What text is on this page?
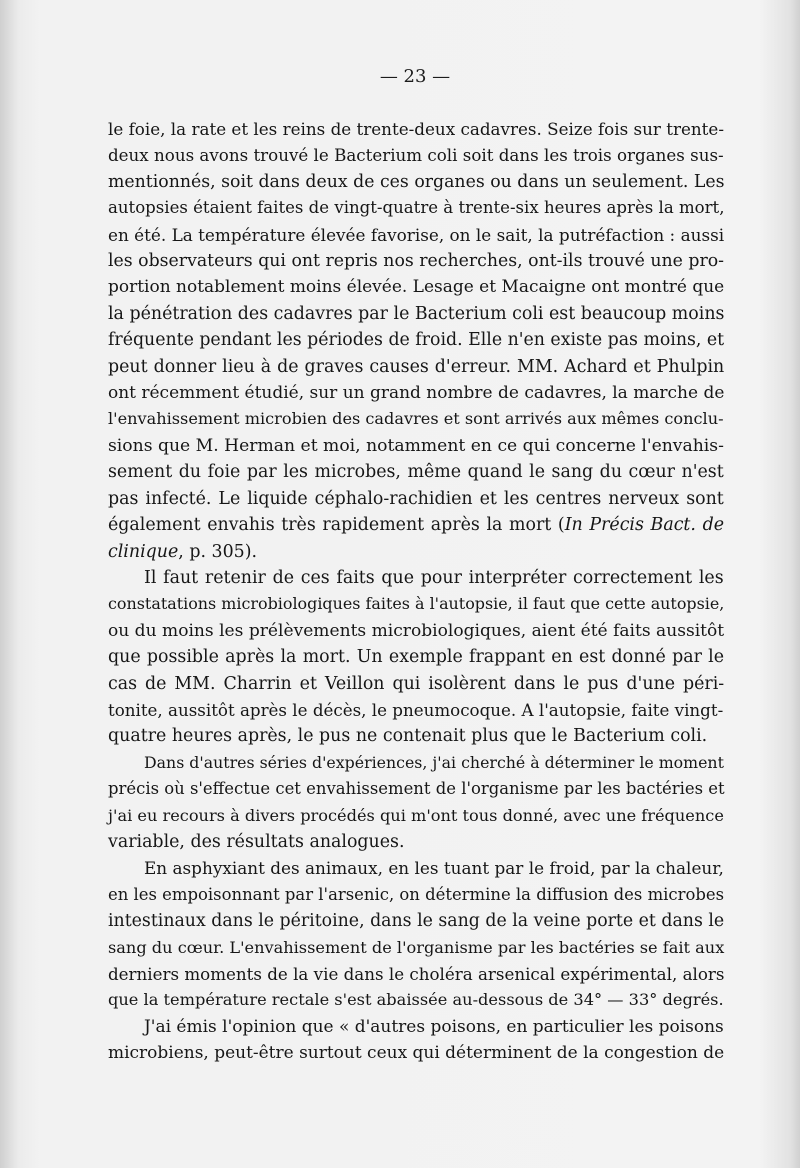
— 23 —
le foie, la rate et les reins de trente-deux cadavres. Seize fois sur trente-
deux nous avons trouvé le Bacterium coli soit dans les trois organes sus-
mentionnés, soit dans deux de ces organes ou dans un seulement. Les
autopsies étaient faites de vingt-quatre à trente-six heures après la mort,
en été. La température élevée favorise, on le sait, la putréfaction : aussi
les observateurs qui ont repris nos recherches, ont-ils trouvé une pro-
portion notablement moins élevée. Lesage et Macaigne ont montré que
la pénétration des cadavres par le Bacterium coli est beaucoup moins
fréquente pendant les périodes de froid. Elle n'en existe pas moins, et
peut donner lieu à de graves causes d'erreur. MM. Achard et Phulpin
ont récemment étudié, sur un grand nombre de cadavres, la marche de
l'envahissement microbien des cadavres et sont arrivés aux mêmes conclu-
sions que M. Herman et moi, notamment en ce qui concerne l'envahis-
sement du foie par les microbes, même quand le sang du cœur n'est
pas infecté. Le liquide céphalo-rachidien et les centres nerveux sont
également envahis très rapidement après la mort (In Précis Bact. de
clinique, p. 305).
Il faut retenir de ces faits que pour interpréter correctement les
constatations microbiologiques faites à l'autopsie, il faut que cette autopsie,
ou du moins les prélèvements microbiologiques, aient été faits aussitôt
que possible après la mort. Un exemple frappant en est donné par le
cas de MM. Charrin et Veillon qui isolèrent dans le pus d'une péri-
tonite, aussitôt après le décès, le pneumocoque. A l'autopsie, faite vingt-
quatre heures après, le pus ne contenait plus que le Bacterium coli.
Dans d'autres séries d'expériences, j'ai cherché à déterminer le moment
précis où s'effectue cet envahissement de l'organisme par les bactéries et
j'ai eu recours à divers procédés qui m'ont tous donné, avec une fréquence
variable, des résultats analogues.
En asphyxiant des animaux, en les tuant par le froid, par la chaleur,
en les empoisonnant par l'arsenic, on détermine la diffusion des microbes
intestinaux dans le péritoine, dans le sang de la veine porte et dans le
sang du cœur. L'envahissement de l'organisme par les bactéries se fait aux
derniers moments de la vie dans le choléra arsenical expérimental, alors
que la température rectale s'est abaissée au-dessous de 34° — 33° degrés.
J'ai émis l'opinion que « d'autres poisons, en particulier les poisons
microbiens, peut-être surtout ceux qui déterminent de la congestion de
